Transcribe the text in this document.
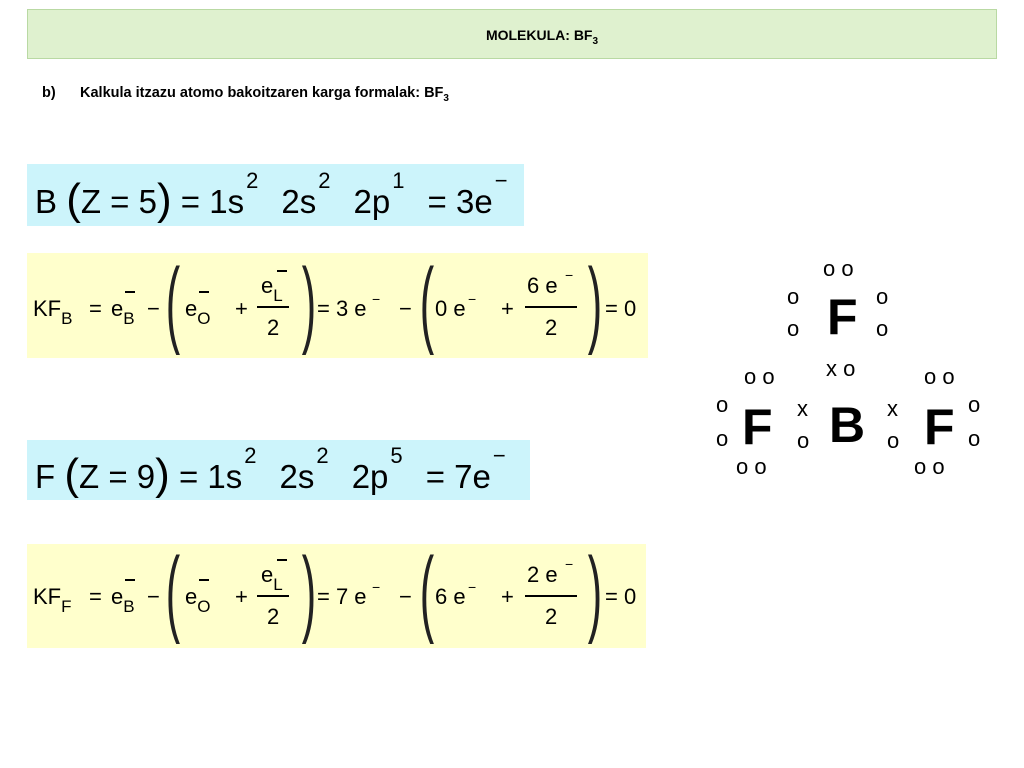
MOLEKULA: $BF_3$
b) Kalkula itzazu atomo bakoitzaren karga formalak: $BF_3$
B $(Z = 5) = 1s^2$ $2s^2$ $2p^1 = 3e^-$
$KF_B = e_B$ − ( $e_O$ +
$e_L$
2 ) = 3 e − − ( 0 e − +
6 e −
2 ) = 0
F $(Z = 9) = 1s^2$ $2s^2$ $2p^5 = 7e^-$
$KF_F = e_B$ − ( $e_O$ +
$e_L$
2 ) = 7 e − − ( 6 e − +
2 e −
2 ) = 0
o o
o
o F o
o
x o
B
o o
o
o F
o o
x
o
x
o
o o
F o
o
o o
